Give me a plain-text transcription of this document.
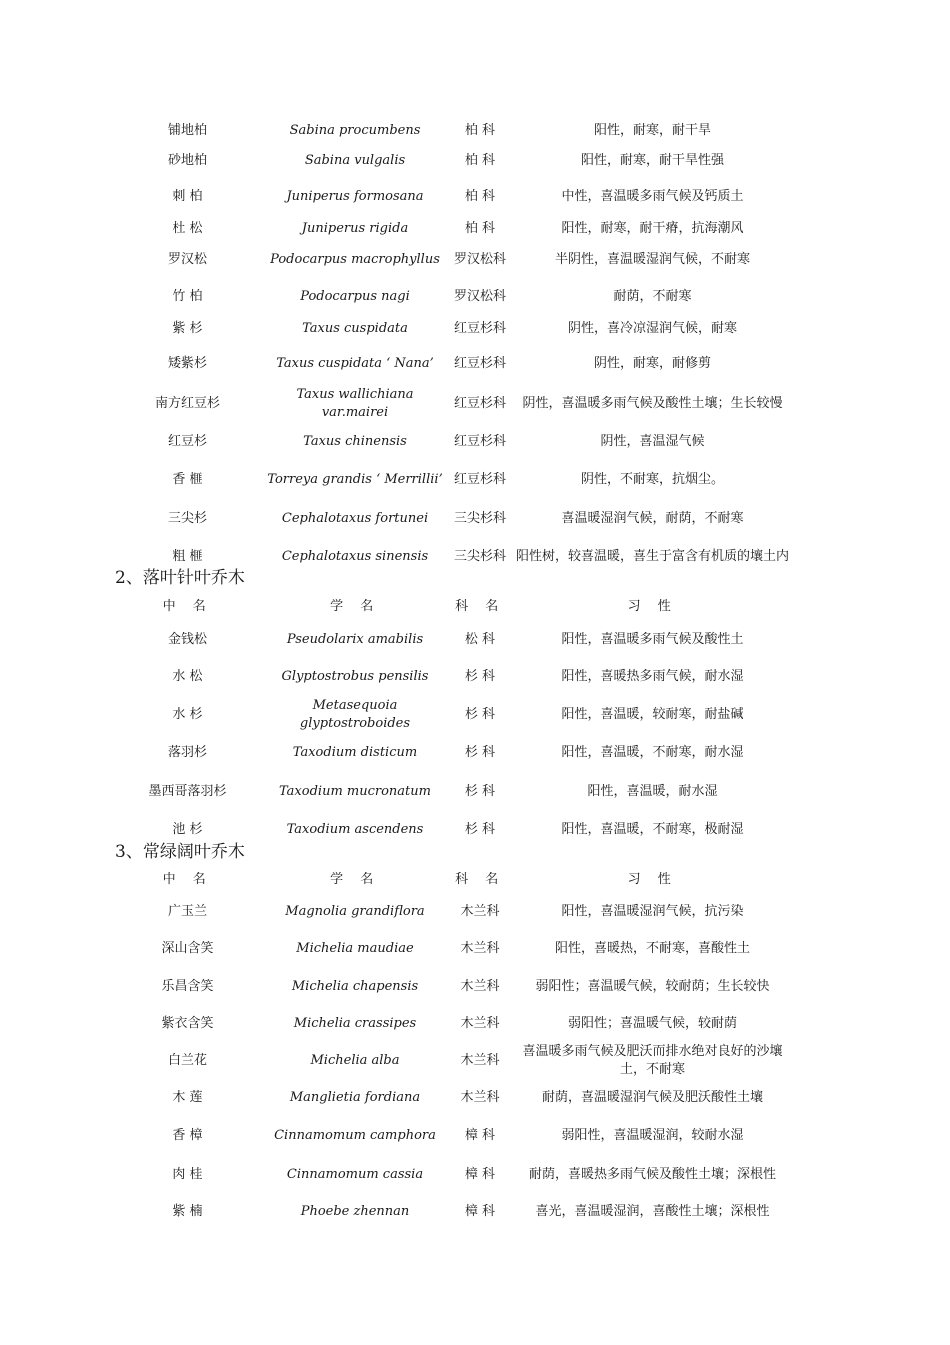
铺地柏	Sabina procumbens	柏 科	阳性，耐寒，耐干旱
砂地柏	Sabina vulgalis	柏 科	阳性，耐寒，耐干旱性强
刺 柏	Juniperus formosana	柏 科	中性，喜温暖多雨气候及钙质土
杜 松	Juniperus rigida	柏 科	阳性，耐寒，耐干瘠，抗海潮风
罗汉松	Podocarpus macrophyllus	罗汉松科	半阴性，喜温暖湿润气候，不耐寒
竹 柏	Podocarpus nagi	罗汉松科	耐荫，不耐寒
紫 杉	Taxus cuspidata	红豆杉科	阴性，喜冷凉湿润气候，耐寒
矮紫杉	Taxus cuspidata ‘ Nana’	红豆杉科	阴性，耐寒，耐修剪
南方红豆杉	Taxus wallichiana var.mairei	红豆杉科	阴性，喜温暖多雨气候及酸性土壤；生长较慢
红豆杉	Taxus chinensis	红豆杉科	阴性，喜温湿气候
香 榧	Torreya grandis ‘ Merrillii’	红豆杉科	阴性，不耐寒，抗烟尘。
三尖杉	Cephalotaxus fortunei	三尖杉科	喜温暖湿润气候，耐荫，不耐寒
粗 榧	Cephalotaxus sinensis	三尖杉科	阳性树，较喜温暖，喜生于富含有机质的壤土内
2、落叶针叶乔木
中 名	学 名	科 名	习 性
金钱松	Pseudolarix amabilis	松 科	阳性，喜温暖多雨气候及酸性土
水 松	Glyptostrobus pensilis	杉 科	阳性，喜暖热多雨气候，耐水湿
水 杉	Metasequoia glyptostroboides	杉 科	阳性，喜温暖，较耐寒，耐盐碱
落羽杉	Taxodium disticum	杉 科	阳性，喜温暖，不耐寒，耐水湿
墨西哥落羽杉	Taxodium mucronatum	杉 科	阳性，喜温暖，耐水湿
池 杉	Taxodium ascendens	杉 科	阳性，喜温暖，不耐寒，极耐湿
3、常绿阔叶乔木
中 名	学 名	科 名	习 性
广玉兰	Magnolia grandiflora	木兰科	阳性，喜温暖湿润气候，抗污染
深山含笑	Michelia maudiae	木兰科	阳性，喜暖热，不耐寒，喜酸性土
乐昌含笑	Michelia chapensis	木兰科	弱阳性；喜温暖气候，较耐荫；生长较快
紫衣含笑	Michelia crassipes	木兰科	弱阳性；喜温暖气候，较耐荫
白兰花	Michelia alba	木兰科	喜温暖多雨气候及肥沃而排水绝对良好的沙壤土，不耐寒
木 莲	Manglietia fordiana	木兰科	耐荫，喜温暖湿润气候及肥沃酸性土壤
香 樟	Cinnamomum camphora	樟 科	弱阳性，喜温暖湿润，较耐水湿
肉 桂	Cinnamomum cassia	樟 科	耐荫，喜暖热多雨气候及酸性土壤；深根性
紫 楠	Phoebe zhennan	樟 科	喜光，喜温暖湿润，喜酸性土壤；深根性
